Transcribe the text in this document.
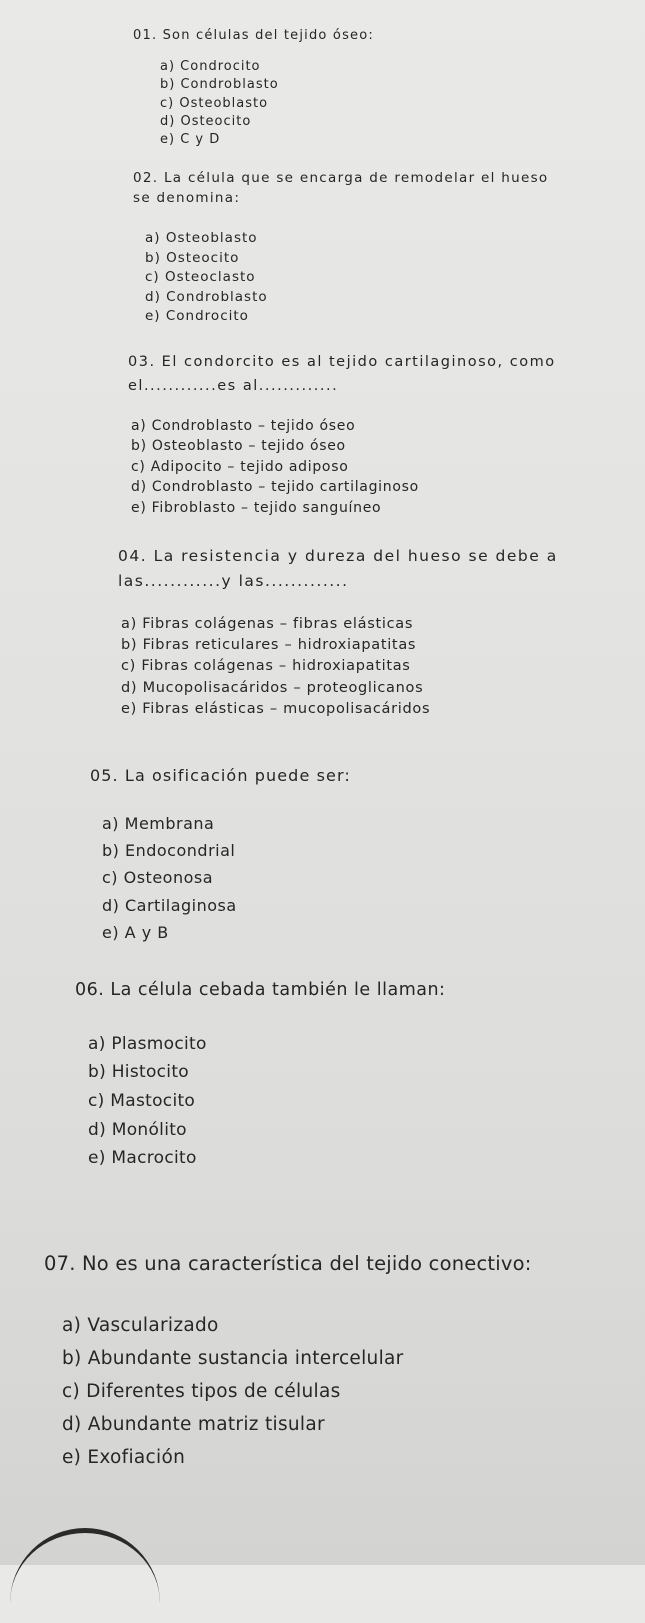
01. Son células del tejido óseo:

a) Condrocito
b) Condroblasto
c) Osteoblasto
d) Osteocito
e) C y D

02. La célula que se encarga de remodelar el hueso
se denomina:

a) Osteoblasto
b) Osteocito
c) Osteoclasto
d) Condroblasto
e) Condrocito

03. El condorcito es al tejido cartilaginoso, como
el............es al.............

a) Condroblasto – tejido óseo
b) Osteoblasto – tejido óseo
c) Adipocito – tejido adiposo
d) Condroblasto – tejido cartilaginoso
e) Fibroblasto – tejido sanguíneo

04. La resistencia y dureza del hueso se debe a
las............y las.............

a) Fibras colágenas – fibras elásticas
b) Fibras reticulares – hidroxiapatitas
c) Fibras colágenas – hidroxiapatitas
d) Mucopolisacáridos – proteoglicanos
e) Fibras elásticas – mucopolisacáridos

05. La osificación puede ser:

a) Membrana
b) Endocondrial
c) Osteonosa
d) Cartilaginosa
e) A y B

06. La célula cebada también le llaman:

a) Plasmocito
b) Histocito
c) Mastocito
d) Monólito
e) Macrocito

07. No es una característica del tejido conectivo:

a) Vascularizado
b) Abundante sustancia intercelular
c) Diferentes tipos de células
d) Abundante matriz tisular
e) Exofiación
